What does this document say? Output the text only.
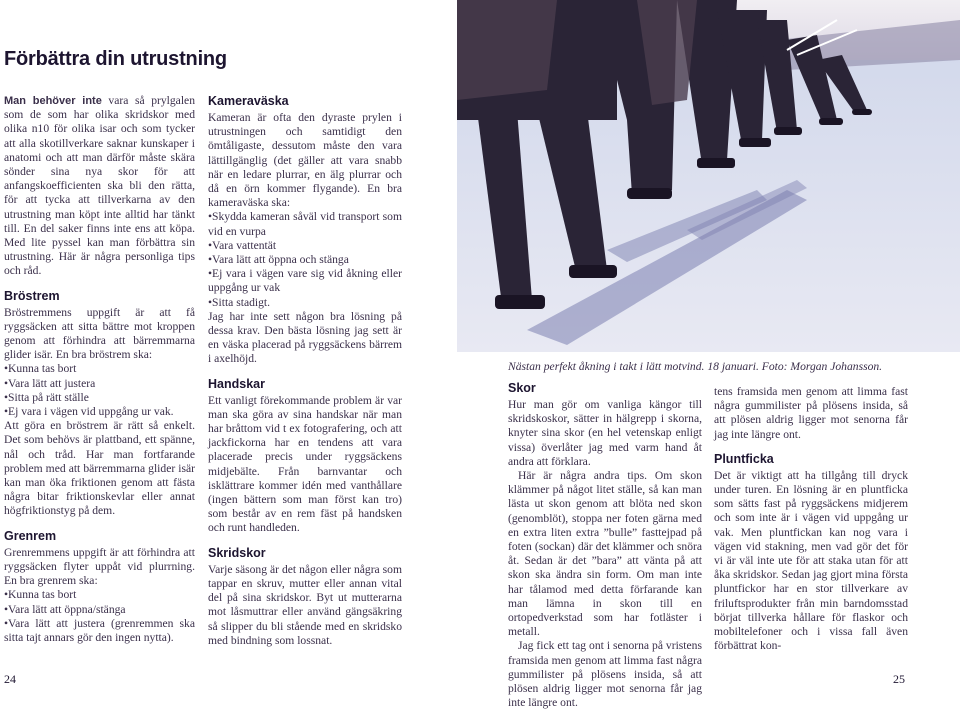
Förbättra din utrustning

Man behöver inte vara så prylgalen som de som har olika skridskor med olika n10 för olika isar och som tycker att alla skotillverkare saknar kunskaper i anatomi och att man därför måste skära sönder sina nya skor för att anfangskoefficienten ska bli den rätta, för att tycka att tillverkarna av den utrustning man köpt inte alltid har tänkt till. En del saker finns inte ens att köpa. Med lite pyssel kan man förbättra sin utrustning. Här är några personliga tips och råd.

Bröstrem

Bröstremmens uppgift är att få ryggsäcken att sitta bättre mot kroppen genom att förhindra att bärremmarna glider isär. En bra bröstrem ska:

•Kunna tas bort
•Vara lätt att justera
•Sitta på rätt ställe
•Ej vara i vägen vid uppgång ur vak.

Att göra en bröstrem är rätt så enkelt. Det som behövs är plattband, ett spänne, nål och tråd. Har man fortfarande problem med att bärremmarna glider isär kan man öka friktionen genom att fästa några bitar friktionskevlar eller annat högfriktionstyg på dem.

Grenrem

Grenremmens uppgift är att förhindra att ryggsäcken flyter uppåt vid plurrning. En bra grenrem ska:

•Kunna tas bort
•Vara lätt att öppna/stänga
•Vara lätt att justera (grenremmen ska sitta tajt annars gör den ingen nytta).
Kameraväska

Kameran är ofta den dyraste prylen i utrustningen och samtidigt den ömtåligaste, dessutom måste den vara lättillgänglig (det gäller att vara snabb när en ledare plurrar, en älg plurrar och då en örn kommer flygande). En bra kameraväska ska:

•Skydda kameran såväl vid transport som vid en vurpa
•Vara vattentät
•Vara lätt att öppna och stänga
•Ej vara i vägen vare sig vid åkning eller uppgång ur vak
•Sitta stadigt.

Jag har inte sett någon bra lösning på dessa krav. Den bästa lösning jag sett är en väska placerad på ryggsäckens bärrem i axelhöjd.

Handskar

Ett vanligt förekommande problem är var man ska göra av sina handskar när man har bråttom vid t ex fotografering, och att jackfickorna har en tendens att vara placerade precis under ryggsäckens midjebälte. Från barnvantar och isklättrare kommer idén med vanthållare (ingen bättern som man först kan tro) som består av en rem fäst på handsken och runt handleden.

Skridskor

Varje säsong är det någon eller några som tappar en skruv, mutter eller annan vital del på sina skridskor. Byt ut mutterarna mot låsmuttrar eller använd gängsäkring så slipper du bli stående med en skridsko med bindning som lossnat.

Nästan perfekt åkning i takt i lätt motvind. 18 januari. Foto: Morgan Johansson.
Skor

Hur man gör om vanliga kängor till skridskoskor, sätter in hälgrepp i skorna, knyter sina skor (en hel vetenskap enligt vissa) överlåter jag med varm hand åt andra att förklara.

Här är några andra tips. Om skon klämmer på något litet ställe, så kan man lästa ut skon genom att blöta ned skon (genomblöt), stoppa ner foten gärna med en extra liten extra ”bulle” fasttejpad på foten (sockan) där det klämmer och snöra åt. Sedan är det ”bara” att vänta på att skon ska ändra sin form. Om man inte har tålamod med detta förfarande kan man lämna in skon till en ortopedverkstad som har fotläster i metall.

Jag fick ett tag ont i senorna på vristens framsida men genom att limma fast några gummilister på plösens insida, så att plösen aldrig ligger mot senorna får jag inte längre ont.

tens framsida men genom att limma fast några gummilister på plösens insida, så att plösen aldrig ligger mot senorna får jag inte längre ont.

Pluntficka

Det är viktigt att ha tillgång till dryck under turen. En lösning är en pluntficka som sätts fast på ryggsäckens midjerem och som inte är i vägen vid uppgång ur vak. Men pluntfickan kan nog vara i vägen vid stakning, men vad gör det för vi är väl inte ute för att staka utan för att åka skridskor. Sedan jag gjort mina första pluntfickor har en stor tillverkare av friluftsprodukter från min barndomsstad börjat tillverka hållare för flaskor och mobiltelefoner och i vissa fall även förbättrat kon-

24	25
